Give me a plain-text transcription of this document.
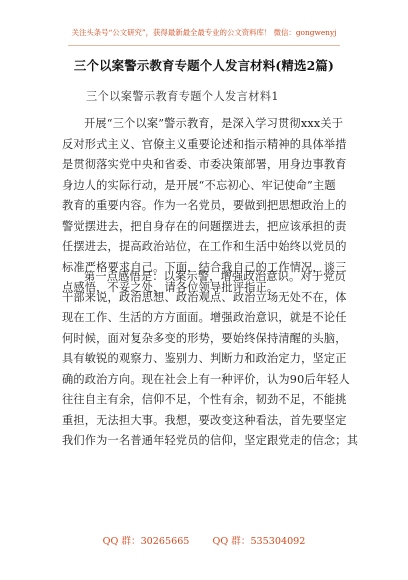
关注头条号“公文研究”，获得最新最全最专业的公文资料库！ 微信：gongwenyj
三个以案警示教育专题个人发言材料(精选2篇)
三个以案警示教育专题个人发言材料1
开展“三个以案”警示教育，是深入学习贯彻xxx关于
反对形式主义、官僚主义重要论述和指示精神的具体举措
是贯彻落实党中央和省委、市委决策部署，用身边事教育
身边人的实际行动，是开展“不忘初心、牢记使命”主题
教育的重要内容。作为一名党员，要做到把思想政治上的
警觉摆进去，把自身存在的问题摆进去，把应该承担的责
任摆进去，提高政治站位，在工作和生活中始终以党员的
标准严格要求自己。下面，结合我自己的工作情况，谈三
点感悟，不妥之处，请各位领导批评指正。
第一点感悟是：以案示警，增强政治意识。对于党员
干部来说，政治思想、政治观点、政治立场无处不在，体
现在工作、生活的方方面面。增强政治意识，就是不论任
何时候，面对复杂多变的形势，要始终保持清醒的头脑，
具有敏锐的观察力、鉴别力、判断力和政治定力，坚定正
确的政治方向。现在社会上有一种评价，认为90后年轻人
往往自主有余，信仰不足，个性有余，韧劲不足，不能挑
重担，无法担大事。我想，要改变这种看法，首先要坚定
我们作为一名普通年轻党员的信仰，坚定跟党走的信念；其
QQ 群：30265665 QQ 群：535304092
